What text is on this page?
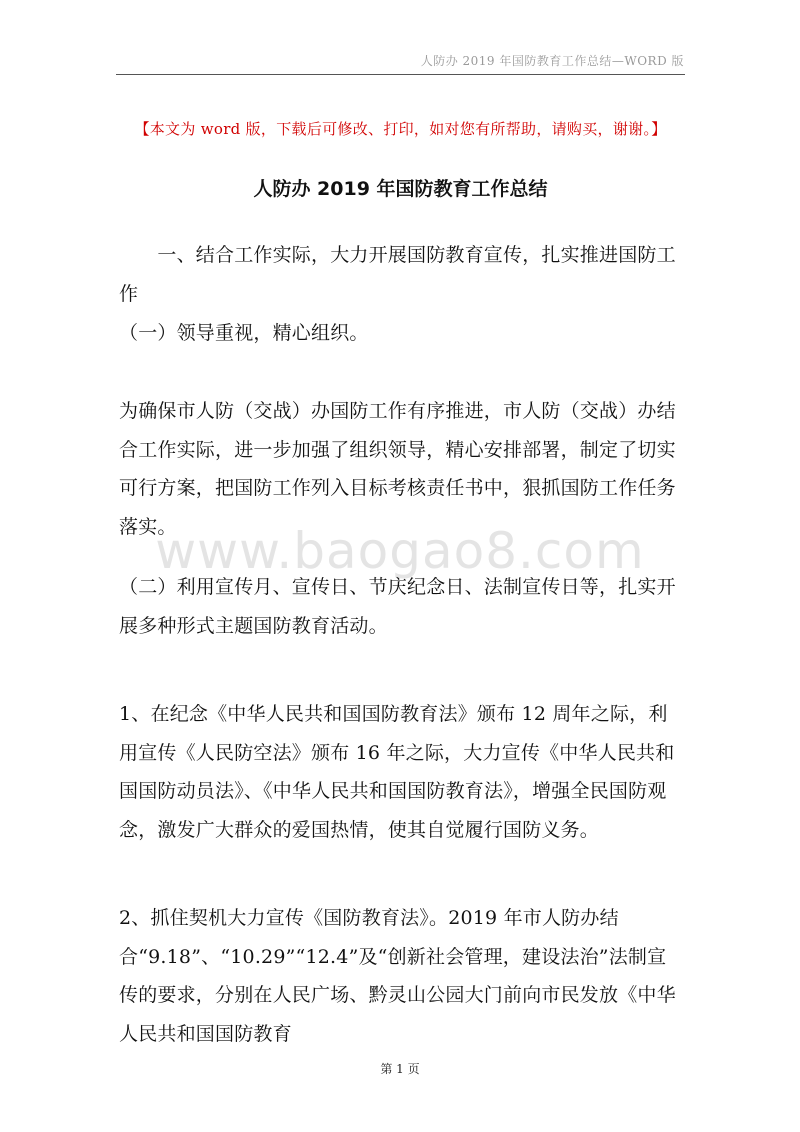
人防办 2019 年国防教育工作总结—WORD 版
【本文为 word 版，下载后可修改、打印，如对您有所帮助，请购买，谢谢。】
人防办 2019 年国防教育工作总结
　　一、结合工作实际，大力开展国防教育宣传，扎实推进国防工作
（一）领导重视，精心组织。
为确保市人防（交战）办国防工作有序推进，市人防（交战）办结合工作实际，进一步加强了组织领导，精心安排部署，制定了切实可行方案，把国防工作列入目标考核责任书中，狠抓国防工作任务落实。
www.baogao8.com
（二）利用宣传月、宣传日、节庆纪念日、法制宣传日等，扎实开展多种形式主题国防教育活动。
1、在纪念《中华人民共和国国防教育法》颁布 12 周年之际，利用宣传《人民防空法》颁布 16 年之际，大力宣传《中华人民共和国国防动员法》、《中华人民共和国国防教育法》，增强全民国防观念，激发广大群众的爱国热情，使其自觉履行国防义务。
2、抓住契机大力宣传《国防教育法》。2019 年市人防办结合“9.18”、“10.29”“12.4”及“创新社会管理，建设法治”法制宣传的要求，分别在人民广场、黔灵山公园大门前向市民发放《中华人民共和国国防教育
第 1 页
